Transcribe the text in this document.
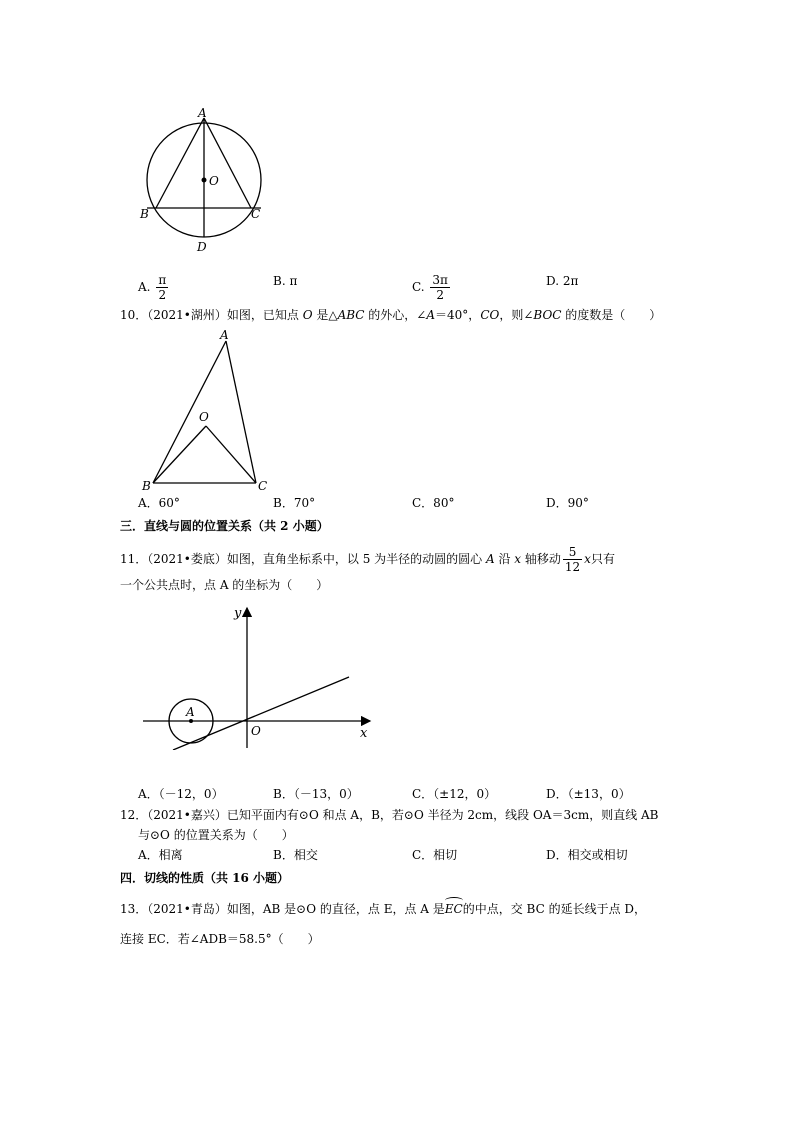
A
O
B	C
D
A. $\frac{\pi}{2}$	B. π	C. $\frac{3\pi}{2}$	D. 2π
10．（2021•湖州）如图，已知点 O 是△ABC 的外心，∠A＝40°，CO，则∠BOC 的度数是（　　）
A
O
B	C
A．60°	B．70°	C．80°	D．90°
三．直线与圆的位置关系（共 2 小题）
11．（2021•娄底）如图，直角坐标系中，以 5 为半径的动圆的圆心 A 沿 x 轴移动 $\frac{5}{12}$ x只有
一个公共点时，点 A 的坐标为（　　）
y
x
O
A
A．（－12，0）	B．（－13，0）	C．（±12，0）	D．（±13，0）
12．（2021•嘉兴）已知平面内有⊙O 和点 A，B，若⊙O 半径为 2cm，线段 OA＝3cm，则直线 AB
与⊙O 的位置关系为（　　）
A．相离	B．相交	C．相切	D．相交或相切
四．切线的性质（共 16 小题）
13．（2021•青岛）如图，AB 是⊙O 的直径，点 E，点 A 是EC的中点，交 BC 的延长线于点 D，
连接 EC．若∠ADB＝58.5°（　　）
